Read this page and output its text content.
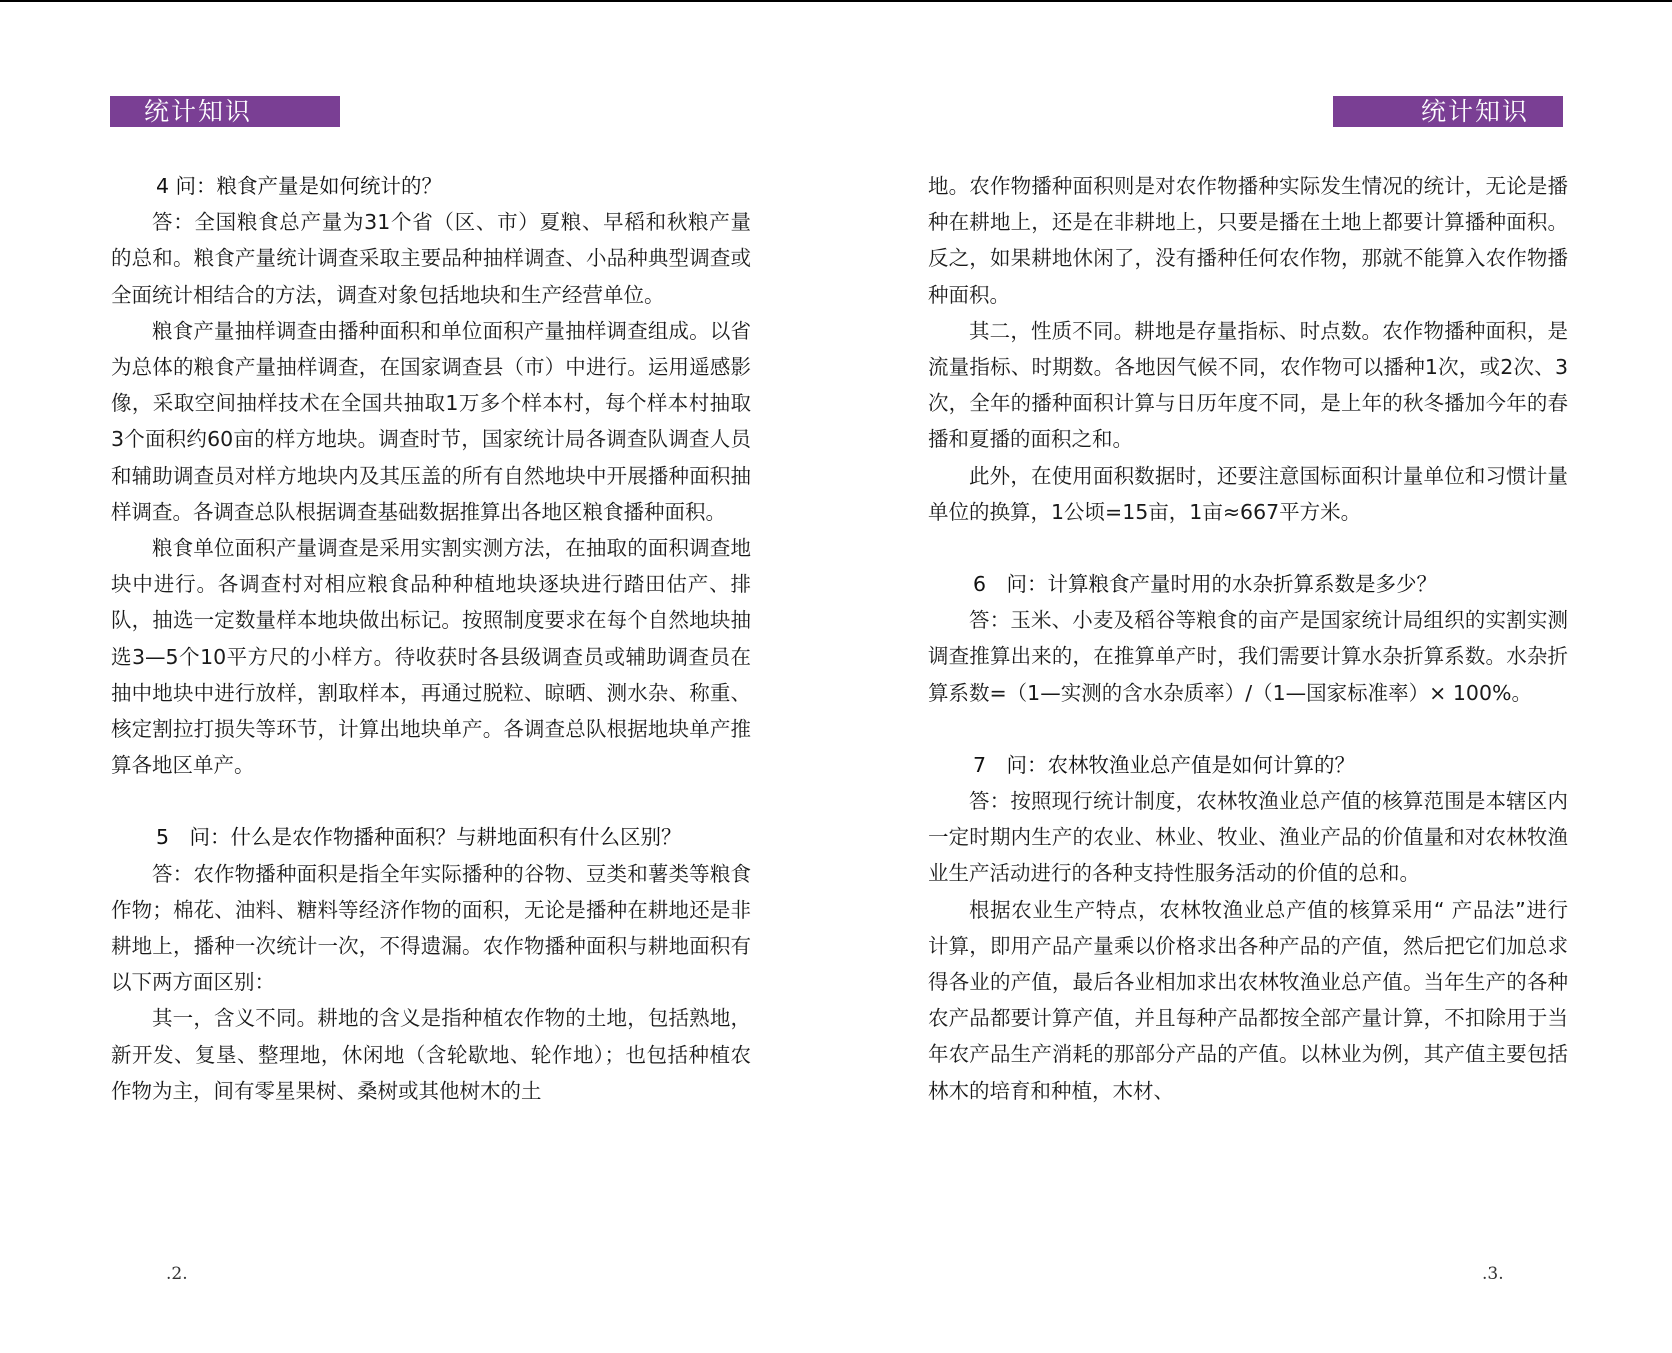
统计知识
4 问：粮食产量是如何统计的？

答：全国粮食总产量为31个省（区、市）夏粮、早稻和秋粮产量的总和。粮食产量统计调查采取主要品种抽样调查、小品种典型调查或全面统计相结合的方法，调查对象包括地块和生产经营单位。

粮食产量抽样调查由播种面积和单位面积产量抽样调查组成。以省为总体的粮食产量抽样调查，在国家调查县（市）中进行。运用遥感影像，采取空间抽样技术在全国共抽取1万多个样本村，每个样本村抽取3个面积约60亩的样方地块。调查时节，国家统计局各调查队调查人员和辅助调查员对样方地块内及其压盖的所有自然地块中开展播种面积抽样调查。各调查总队根据调查基础数据推算出各地区粮食播种面积。

粮食单位面积产量调查是采用实割实测方法，在抽取的面积调查地块中进行。各调查村对相应粮食品种种植地块逐块进行踏田估产、排队，抽选一定数量样本地块做出标记。按照制度要求在每个自然地块抽选3—5个10平方尺的小样方。待收获时各县级调查员或辅助调查员在抽中地块中进行放样，割取样本，再通过脱粒、晾晒、测水杂、称重、核定割拉打损失等环节，计算出地块单产。各调查总队根据地块单产推算各地区单产。

5　问：什么是农作物播种面积？与耕地面积有什么区别？

答：农作物播种面积是指全年实际播种的谷物、豆类和薯类等粮食作物；棉花、油料、糖料等经济作物的面积，无论是播种在耕地还是非耕地上，播种一次统计一次，不得遗漏。农作物播种面积与耕地面积有以下两方面区别：

其一，含义不同。耕地的含义是指种植农作物的土地，包括熟地，新开发、复垦、整理地，休闲地（含轮歇地、轮作地）；也包括种植农作物为主，间有零星果树、桑树或其他树木的土

.2.
统计知识

地。农作物播种面积则是对农作物播种实际发生情况的统计，无论是播种在耕地上，还是在非耕地上，只要是播在土地上都要计算播种面积。反之，如果耕地休闲了，没有播种任何农作物，那就不能算入农作物播种面积。

其二，性质不同。耕地是存量指标、时点数。农作物播种面积，是流量指标、时期数。各地因气候不同，农作物可以播种1次，或2次、3次，全年的播种面积计算与日历年度不同，是上年的秋冬播加今年的春播和夏播的面积之和。

此外，在使用面积数据时，还要注意国标面积计量单位和习惯计量单位的换算，1公顷=15亩，1亩≈667平方米。

6　问：计算粮食产量时用的水杂折算系数是多少？

答：玉米、小麦及稻谷等粮食的亩产是国家统计局组织的实割实测调查推算出来的，在推算单产时，我们需要计算水杂折算系数。水杂折算系数=（1—实测的含水杂质率）/（1—国家标准率）× 100%。

7　问：农林牧渔业总产值是如何计算的？

答：按照现行统计制度，农林牧渔业总产值的核算范围是本辖区内一定时期内生产的农业、林业、牧业、渔业产品的价值量和对农林牧渔业生产活动进行的各种支持性服务活动的价值的总和。

根据农业生产特点，农林牧渔业总产值的核算采用“ 产品法”进行计算，即用产品产量乘以价格求出各种产品的产值，然后把它们加总求得各业的产值，最后各业相加求出农林牧渔业总产值。当年生产的各种农产品都要计算产值，并且每种产品都按全部产量计算，不扣除用于当年农产品生产消耗的那部分产品的产值。以林业为例，其产值主要包括林木的培育和种植，木材、

.3.
